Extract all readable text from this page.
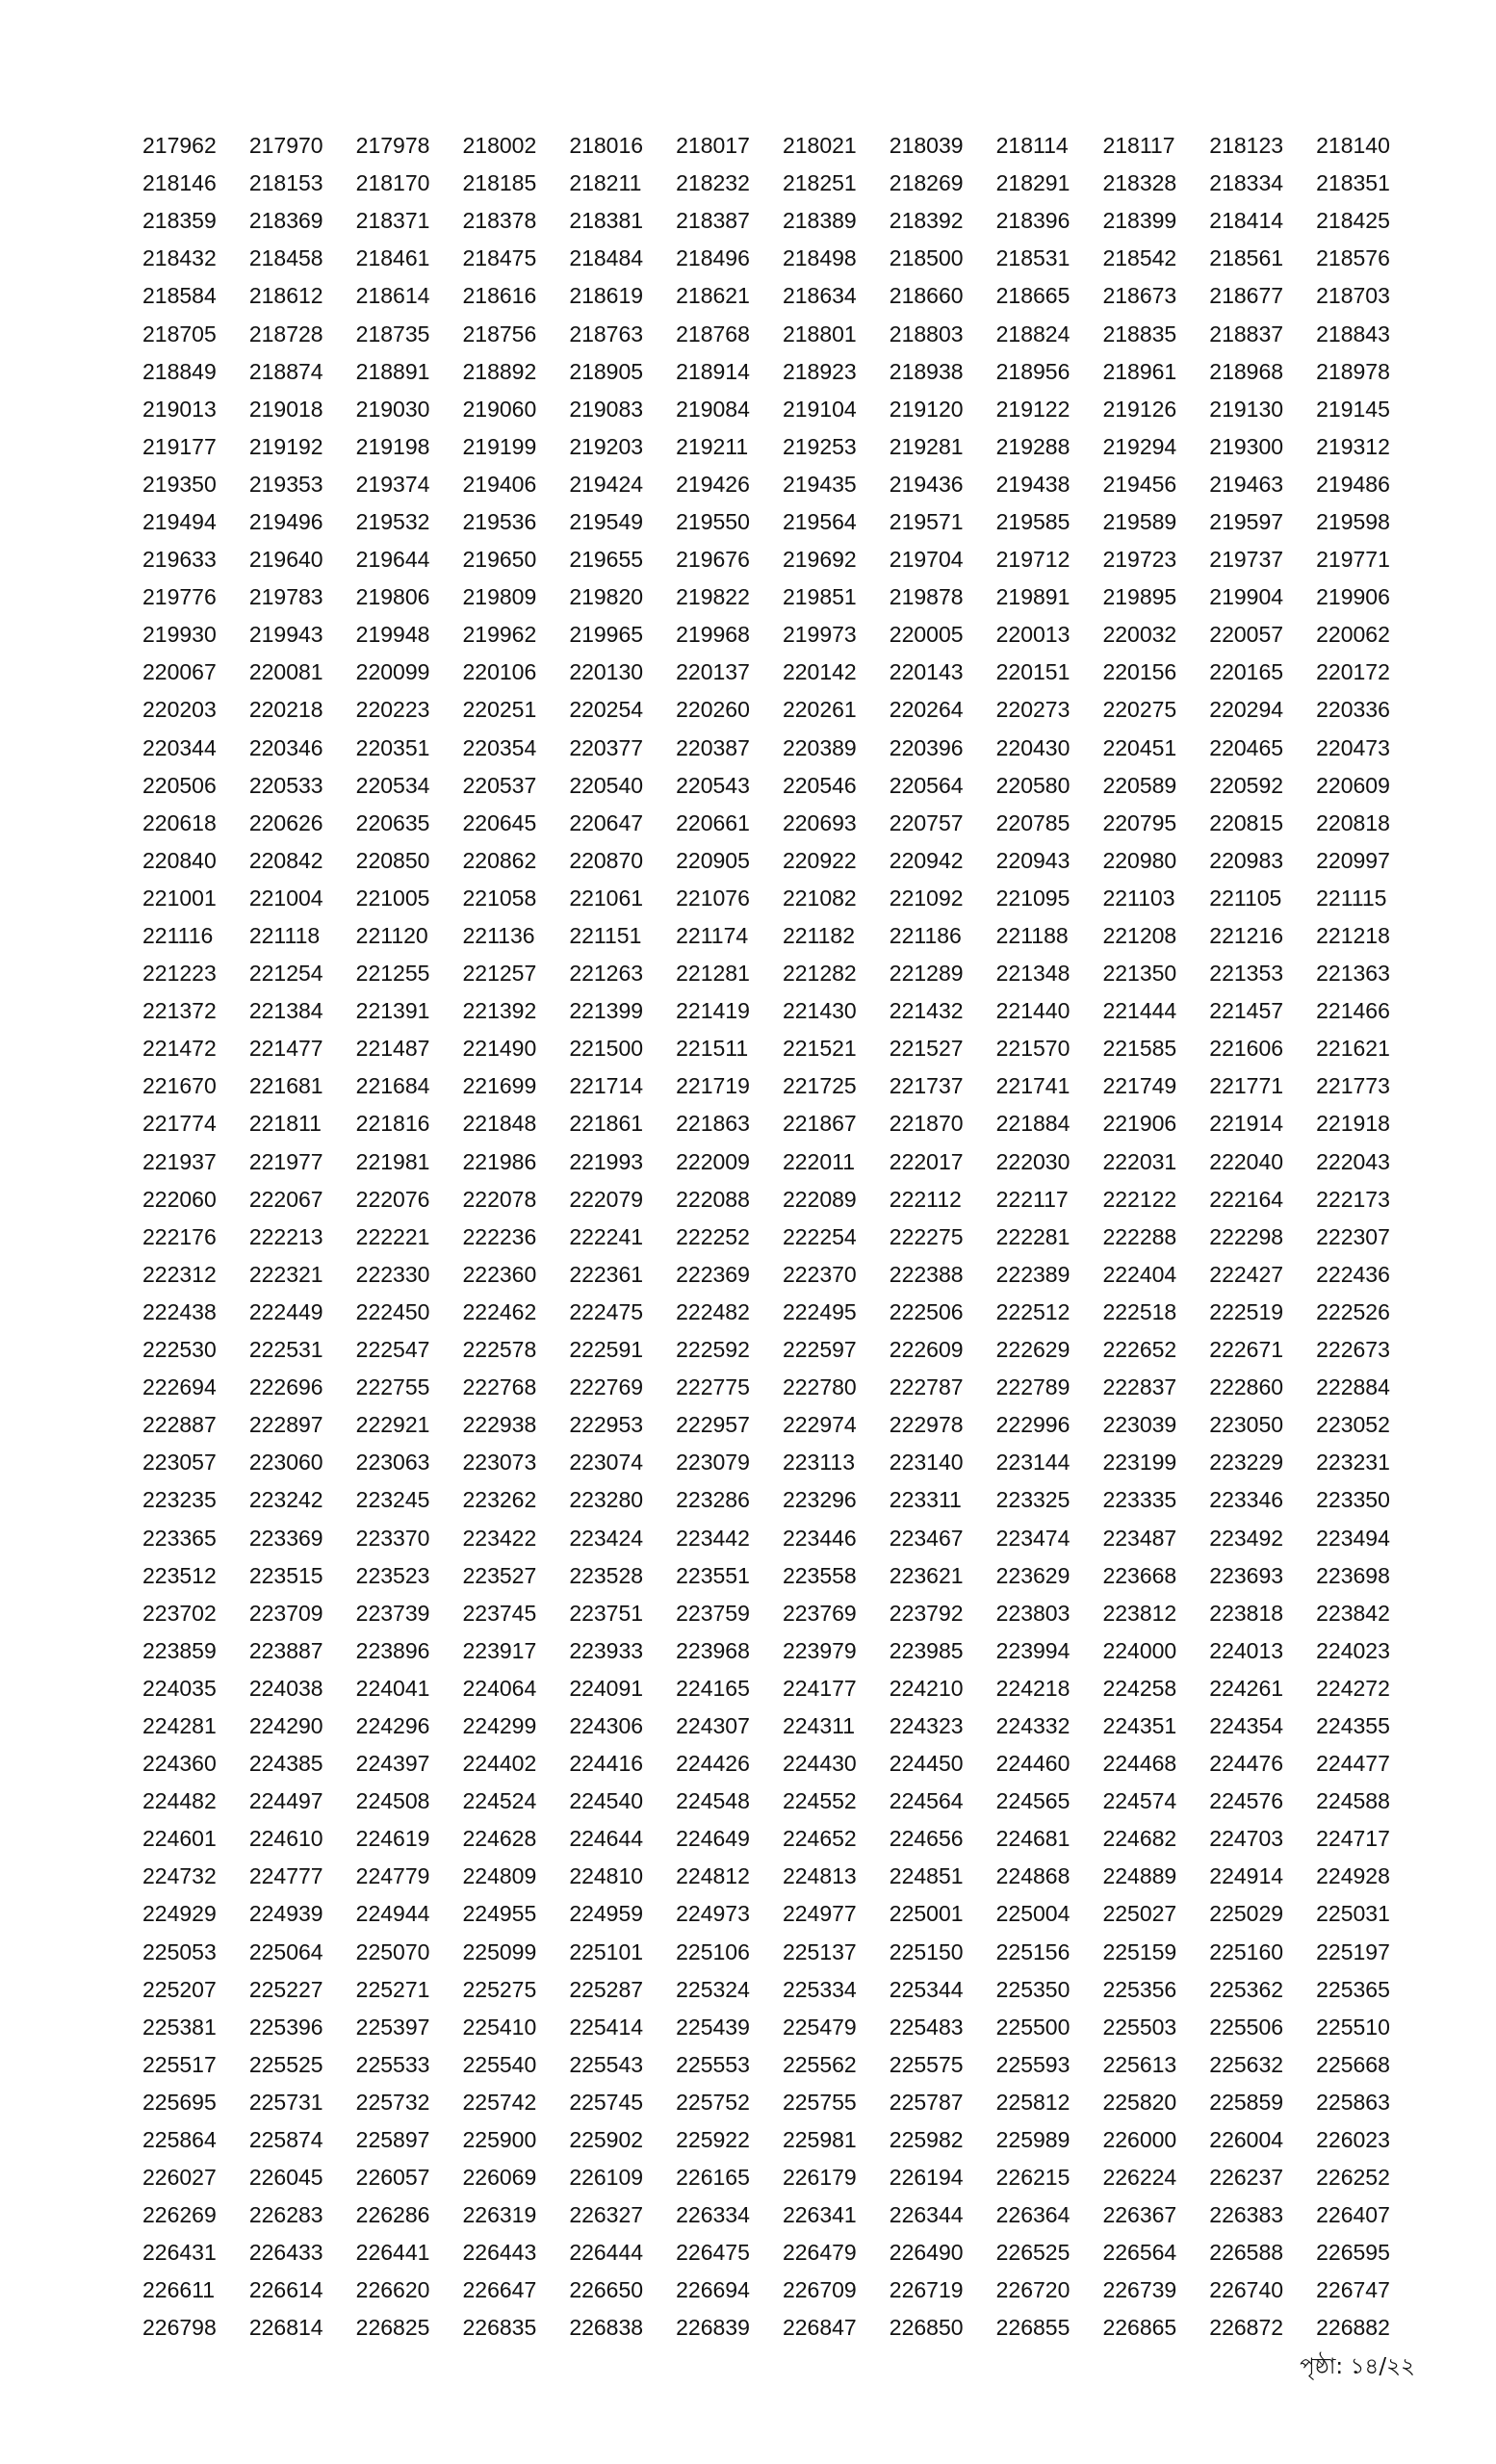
217962	217970	217978	218002	218016	218017	218021	218039	218114	218117	218123	218140
218146	218153	218170	218185	218211	218232	218251	218269	218291	218328	218334	218351
218359	218369	218371	218378	218381	218387	218389	218392	218396	218399	218414	218425
218432	218458	218461	218475	218484	218496	218498	218500	218531	218542	218561	218576
218584	218612	218614	218616	218619	218621	218634	218660	218665	218673	218677	218703
218705	218728	218735	218756	218763	218768	218801	218803	218824	218835	218837	218843
218849	218874	218891	218892	218905	218914	218923	218938	218956	218961	218968	218978
219013	219018	219030	219060	219083	219084	219104	219120	219122	219126	219130	219145
219177	219192	219198	219199	219203	219211	219253	219281	219288	219294	219300	219312
219350	219353	219374	219406	219424	219426	219435	219436	219438	219456	219463	219486
219494	219496	219532	219536	219549	219550	219564	219571	219585	219589	219597	219598
219633	219640	219644	219650	219655	219676	219692	219704	219712	219723	219737	219771
219776	219783	219806	219809	219820	219822	219851	219878	219891	219895	219904	219906
219930	219943	219948	219962	219965	219968	219973	220005	220013	220032	220057	220062
220067	220081	220099	220106	220130	220137	220142	220143	220151	220156	220165	220172
220203	220218	220223	220251	220254	220260	220261	220264	220273	220275	220294	220336
220344	220346	220351	220354	220377	220387	220389	220396	220430	220451	220465	220473
220506	220533	220534	220537	220540	220543	220546	220564	220580	220589	220592	220609
220618	220626	220635	220645	220647	220661	220693	220757	220785	220795	220815	220818
220840	220842	220850	220862	220870	220905	220922	220942	220943	220980	220983	220997
221001	221004	221005	221058	221061	221076	221082	221092	221095	221103	221105	221115
221116	221118	221120	221136	221151	221174	221182	221186	221188	221208	221216	221218
221223	221254	221255	221257	221263	221281	221282	221289	221348	221350	221353	221363
221372	221384	221391	221392	221399	221419	221430	221432	221440	221444	221457	221466
221472	221477	221487	221490	221500	221511	221521	221527	221570	221585	221606	221621
221670	221681	221684	221699	221714	221719	221725	221737	221741	221749	221771	221773
221774	221811	221816	221848	221861	221863	221867	221870	221884	221906	221914	221918
221937	221977	221981	221986	221993	222009	222011	222017	222030	222031	222040	222043
222060	222067	222076	222078	222079	222088	222089	222112	222117	222122	222164	222173
222176	222213	222221	222236	222241	222252	222254	222275	222281	222288	222298	222307
222312	222321	222330	222360	222361	222369	222370	222388	222389	222404	222427	222436
222438	222449	222450	222462	222475	222482	222495	222506	222512	222518	222519	222526
222530	222531	222547	222578	222591	222592	222597	222609	222629	222652	222671	222673
222694	222696	222755	222768	222769	222775	222780	222787	222789	222837	222860	222884
222887	222897	222921	222938	222953	222957	222974	222978	222996	223039	223050	223052
223057	223060	223063	223073	223074	223079	223113	223140	223144	223199	223229	223231
223235	223242	223245	223262	223280	223286	223296	223311	223325	223335	223346	223350
223365	223369	223370	223422	223424	223442	223446	223467	223474	223487	223492	223494
223512	223515	223523	223527	223528	223551	223558	223621	223629	223668	223693	223698
223702	223709	223739	223745	223751	223759	223769	223792	223803	223812	223818	223842
223859	223887	223896	223917	223933	223968	223979	223985	223994	224000	224013	224023
224035	224038	224041	224064	224091	224165	224177	224210	224218	224258	224261	224272
224281	224290	224296	224299	224306	224307	224311	224323	224332	224351	224354	224355
224360	224385	224397	224402	224416	224426	224430	224450	224460	224468	224476	224477
224482	224497	224508	224524	224540	224548	224552	224564	224565	224574	224576	224588
224601	224610	224619	224628	224644	224649	224652	224656	224681	224682	224703	224717
224732	224777	224779	224809	224810	224812	224813	224851	224868	224889	224914	224928
224929	224939	224944	224955	224959	224973	224977	225001	225004	225027	225029	225031
225053	225064	225070	225099	225101	225106	225137	225150	225156	225159	225160	225197
225207	225227	225271	225275	225287	225324	225334	225344	225350	225356	225362	225365
225381	225396	225397	225410	225414	225439	225479	225483	225500	225503	225506	225510
225517	225525	225533	225540	225543	225553	225562	225575	225593	225613	225632	225668
225695	225731	225732	225742	225745	225752	225755	225787	225812	225820	225859	225863
225864	225874	225897	225900	225902	225922	225981	225982	225989	226000	226004	226023
226027	226045	226057	226069	226109	226165	226179	226194	226215	226224	226237	226252
226269	226283	226286	226319	226327	226334	226341	226344	226364	226367	226383	226407
226431	226433	226441	226443	226444	226475	226479	226490	226525	226564	226588	226595
226611	226614	226620	226647	226650	226694	226709	226719	226720	226739	226740	226747
226798	226814	226825	226835	226838	226839	226847	226850	226855	226865	226872	226882
পৃষ্ঠা: ১৪/২২
